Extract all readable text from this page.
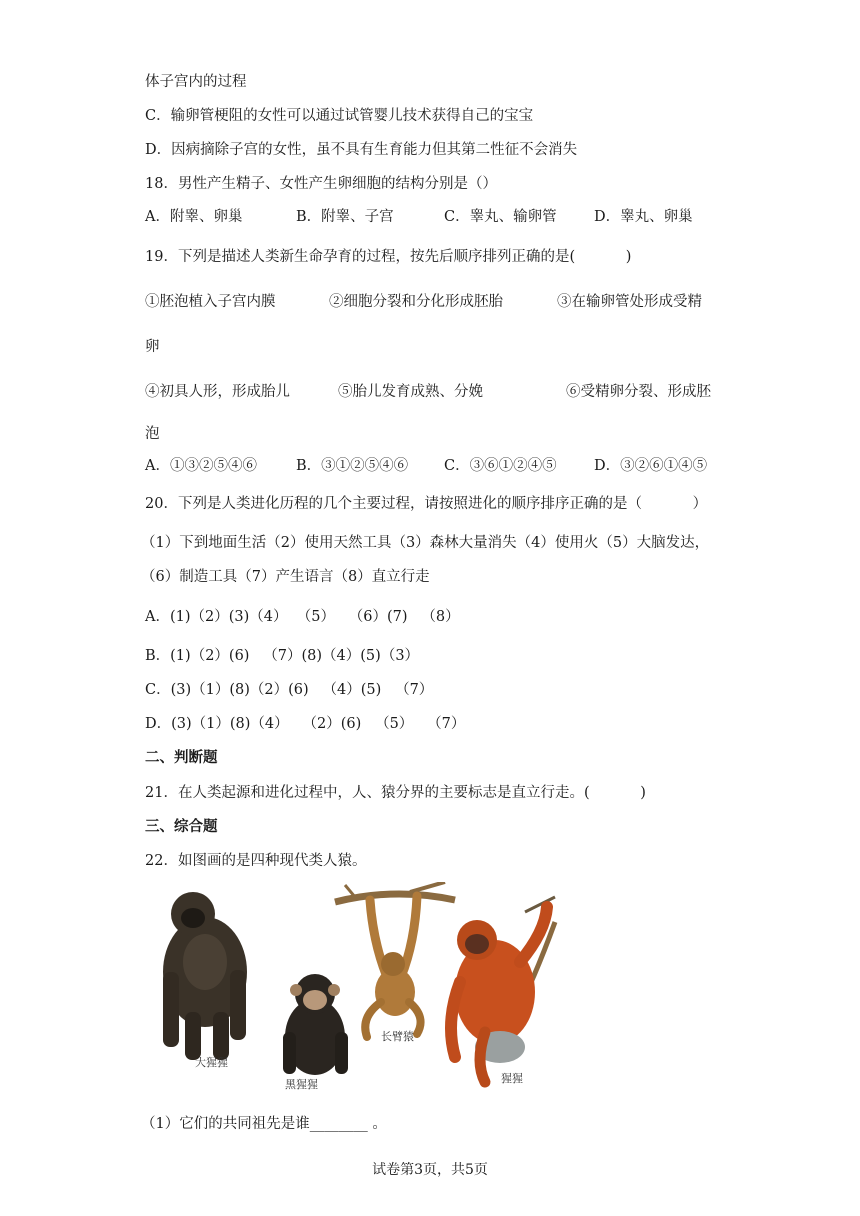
体子宫内的过程
C．输卵管梗阻的女性可以通过试管婴儿技术获得自己的宝宝
D．因病摘除子宫的女性，虽不具有生育能力但其第二性征不会消失
18．男性产生精子、女性产生卵细胞的结构分别是（）
A．附睾、卵巢	B．附睾、子宫	C．睾丸、输卵管	D．睾丸、卵巢
19．下列是描述人类新生命孕育的过程，按先后顺序排列正确的是(           )
①胚泡植入子宫内膜	②细胞分裂和分化形成胚胎	③在输卵管处形成受精
卵
④初具人形，形成胎儿	⑤胎儿发育成熟、分娩	⑥受精卵分裂、形成胚
泡
A．①③②⑤④⑥	B．③①②⑤④⑥ C．③⑥①②④⑤	D．③②⑥①④⑤
20．下列是人类进化历程的几个主要过程，请按照进化的顺序排序正确的是（           ）
（1）下到地面生活（2）使用天然工具（3）森林大量消失（4）使用火（5）大脑发达，
（6）制造工具（7）产生语言（8）直立行走
A．(1)（2）(3)（4）  （5）   （6）(7)   （8）
B．(1)（2）(6)   （7）(8)（4）(5)（3）
C．(3)（1）(8)（2）(6)   （4）(5)   （7）
D．(3)（1）(8)（4）   （2）(6)   （5）   （7）
二、判断题
21．在人类起源和进化过程中，人、猿分界的主要标志是直立行走。(           )
三、综合题
22．如图画的是四种现代类人猿。
大猩猩
黑猩猩
长臂猿
猩猩
（1）它们的共同祖先是谁________ 。
试卷第3页，共5页
